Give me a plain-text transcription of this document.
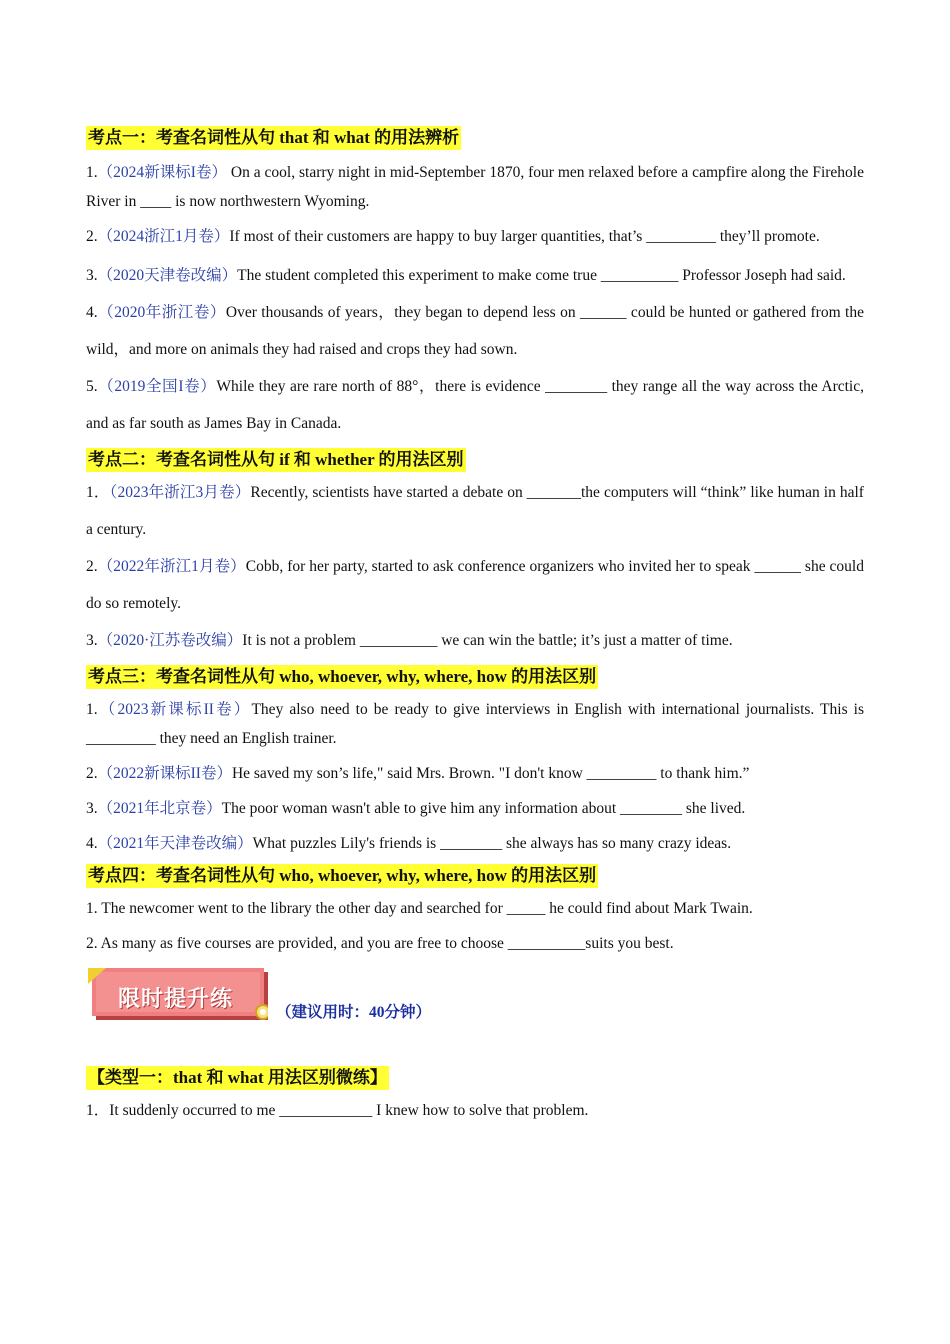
考点一：考查名词性从句 that 和 what 的用法辨析

1.（2024新课标I卷） On a cool, starry night in mid-September 1870, four men relaxed before a campfire along the Firehole River in ____ is now northwestern Wyoming.

2.（2024浙江1月卷）If most of their customers are happy to buy larger quantities, that’s _________ they’ll promote.

3.（2020天津卷改编）The student completed this experiment to make come true __________ Professor Joseph had said.

4.（2020年浙江卷）Over thousands of years，they began to depend less on ______ could be hunted or gathered from the wild，and more on animals they had raised and crops they had sown.

5.（2019全国I卷）While they are rare north of 88°，there is evidence ________ they range all the way across the Arctic, and as far south as James Bay in Canada.

考点二：考查名词性从句 if 和 whether 的用法区别

1．（2023年浙江3月卷）Recently, scientists have started a debate on _______the computers will “think” like human in half a century.

2.（2022年浙江1月卷）Cobb, for her party, started to ask conference organizers who invited her to speak ______ she could do so remotely.

3.（2020·江苏卷改编）It is not a problem __________ we can win the battle; it’s just a matter of time.

考点三：考查名词性从句 who, whoever, why, where, how 的用法区别

1.（2023新课标II卷）They also need to be ready to give interviews in English with international journalists. This is _________ they need an English trainer.

2.（2022新课标II卷）He saved my son’s life," said Mrs. Brown. "I don't know _________ to thank him.”

3.（2021年北京卷）The poor woman wasn't able to give him any information about ________ she lived.

4.（2021年天津卷改编）What puzzles Lily's friends is ________ she always has so many crazy ideas.

考点四：考查名词性从句 who, whoever, why, where, how 的用法区别

1. The newcomer went to the library the other day and searched for _____ he could find about Mark Twain.

2. As many as five courses are provided, and you are free to choose __________suits you best.

限时提升练
（建议用时：40分钟）
【类型一：that 和 what 用法区别微练】

1．It suddenly occurred to me ____________ I knew how to solve that problem.
